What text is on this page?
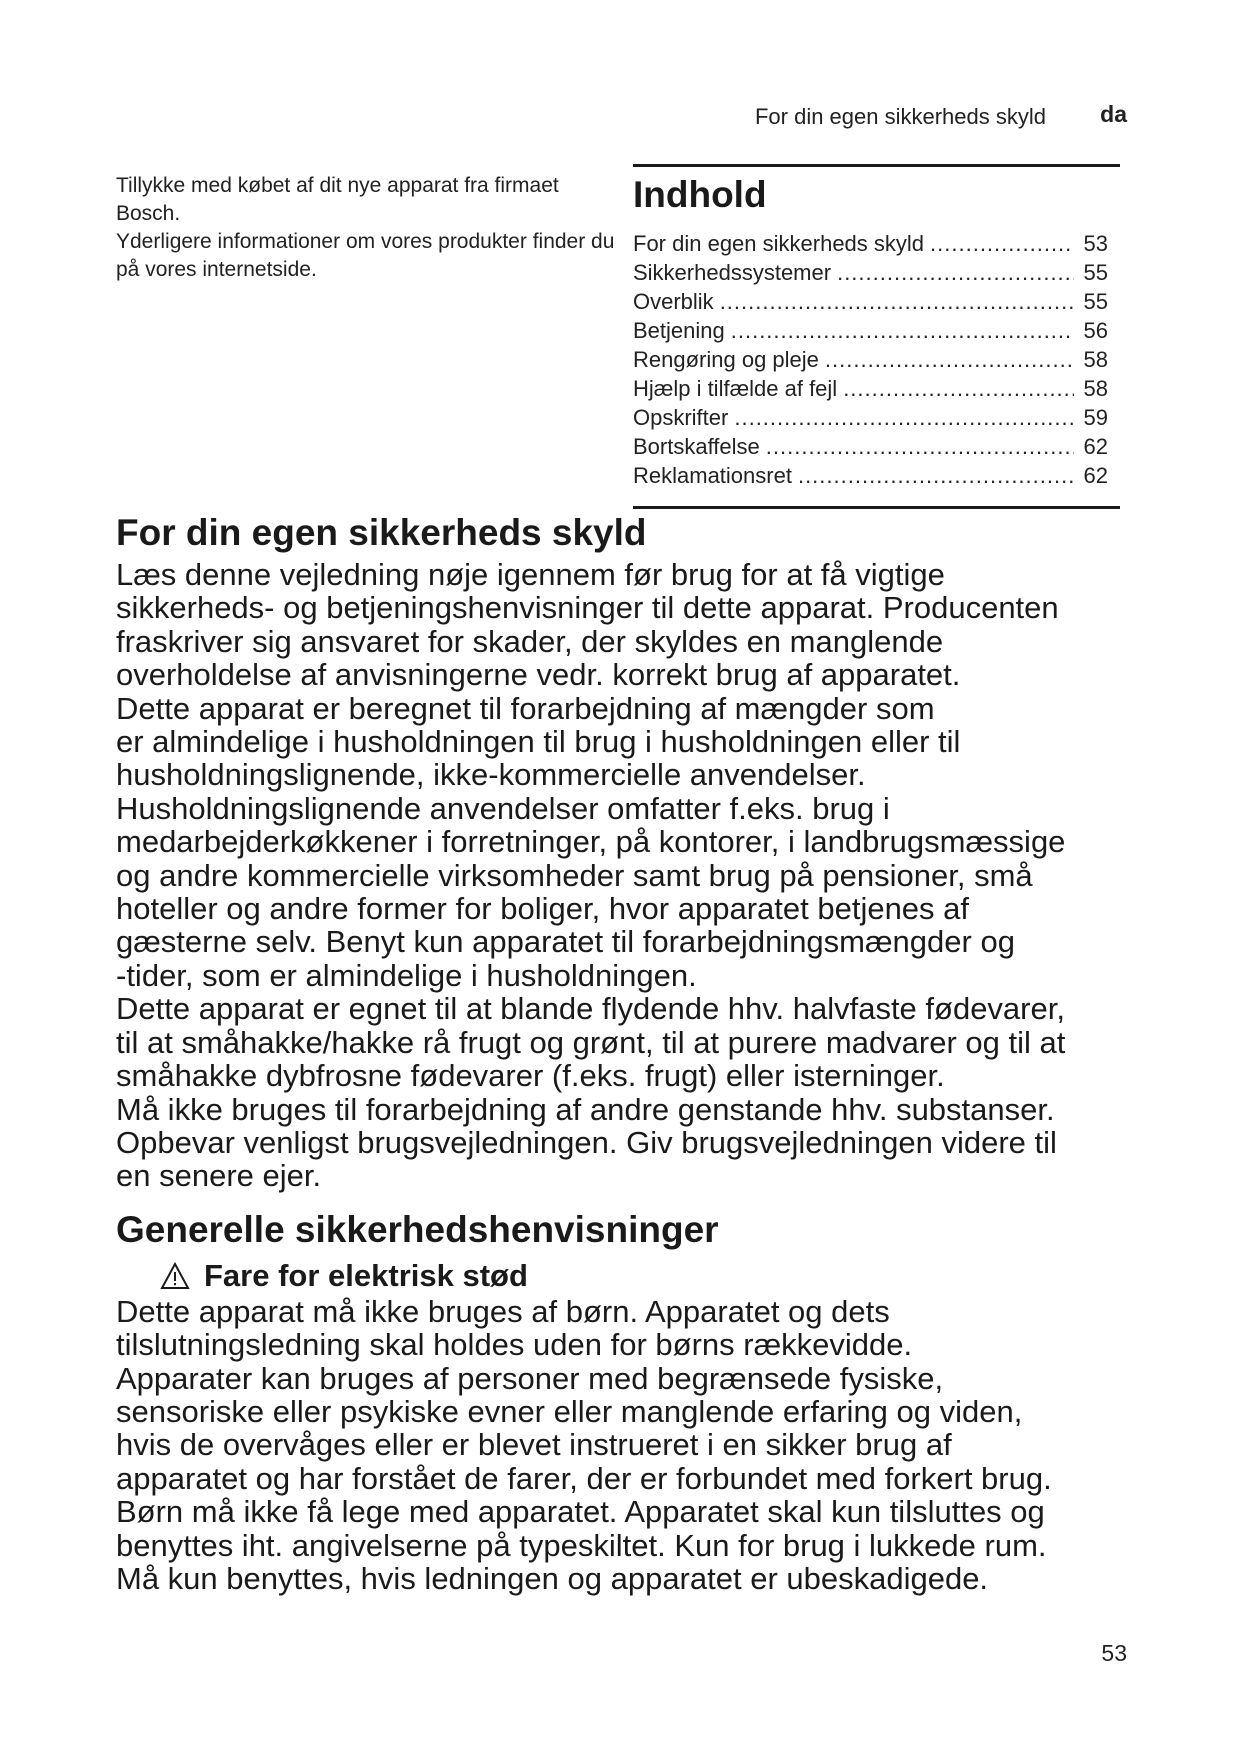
For din egen sikkerheds skyld da

Tillykke med købet af dit nye apparat fra firmaet Bosch.

Yderligere informationer om vores produkter finder du på vores internetside.

Indhold
For din egen sikkerheds skyld .....	53
Sikkerhedssystemer .....	55
Overblik .....	55
Betjening .....	56
Rengøring og pleje .....	58
Hjælp i tilfælde af fejl .....	58
Opskrifter .....	59
Bortskaffelse .....	62
Reklamationsret .....	62
For din egen sikkerheds skyld

Læs denne vejledning nøje igennem før brug for at få vigtige
sikkerheds- og betjeningshenvisninger til dette apparat. Producenten
fraskriver sig ansvaret for skader, der skyldes en manglende
overholdelse af anvisningerne vedr. korrekt brug af apparatet.
Dette apparat er beregnet til forarbejdning af mængder som
er almindelige i husholdningen til brug i husholdningen eller til
husholdningslignende, ikke-kommercielle anvendelser.
Husholdningslignende anvendelser omfatter f.eks. brug i
medarbejderkøkkener i forretninger, på kontorer, i landbrugsmæssige
og andre kommercielle virksomheder samt brug på pensioner, små
hoteller og andre former for boliger, hvor apparatet betjenes af
gæsterne selv. Benyt kun apparatet til forarbejdningsmængder og
-tider, som er almindelige i husholdningen.
Dette apparat er egnet til at blande flydende hhv. halvfaste fødevarer,
til at småhakke/hakke rå frugt og grønt, til at purere madvarer og til at
småhakke dybfrosne fødevarer (f.eks. frugt) eller isterninger.
Må ikke bruges til forarbejdning af andre genstande hhv. substanser.
Opbevar venligst brugsvejledningen. Giv brugsvejledningen videre til
en senere ejer.

Generelle sikkerhedshenvisninger
Fare for elektrisk stød

Dette apparat må ikke bruges af børn. Apparatet og dets
tilslutningsledning skal holdes uden for børns rækkevidde.
Apparater kan bruges af personer med begrænsede fysiske,
sensoriske eller psykiske evner eller manglende erfaring og viden,
hvis de overvåges eller er blevet instrueret i en sikker brug af
apparatet og har forstået de farer, der er forbundet med forkert brug.
Børn må ikke få lege med apparatet. Apparatet skal kun tilsluttes og
benyttes iht. angivelserne på typeskiltet. Kun for brug i lukkede rum.
Må kun benyttes, hvis ledningen og apparatet er ubeskadigede.

53
